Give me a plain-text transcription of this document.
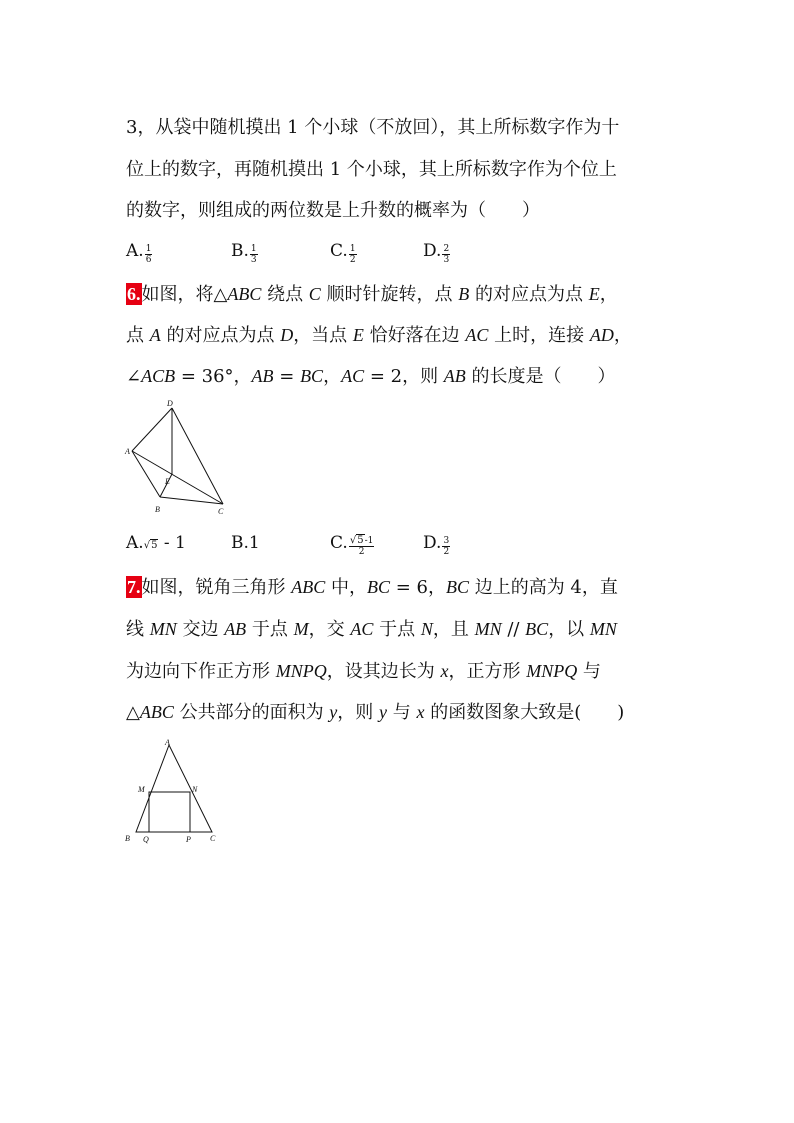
3，从袋中随机摸出 1 个小球（不放回），其上所标数字作为十
位上的数字，再随机摸出 1 个小球，其上所标数字作为个位上
的数字，则组成的两位数是上升数的概率为（　　）
A. $\frac{1}{6}$	B. $\frac{1}{3}$	C. $\frac{1}{2}$	D. $\frac{2}{3}$
6.如图，将△ABC 绕点 C 顺时针旋转，点 B 的对应点为点 E，
点 A 的对应点为点 D，当点 E 恰好落在边 AC 上时，连接 AD，
∠ACB = 36°，AB = BC，AC = 2，则 AB 的长度是（　　）
D
A
E
B	C
A.√5 - 1	B.1	C. $\frac{√5-1}{2}$	D. $\frac{3}{2}$
7.如图，锐角三角形 ABC 中，BC = 6，BC 边上的高为 4，直
线 MN 交边 AB 于点 M，交 AC 于点 N，且 MN // BC，以 MN
为边向下作正方形 MNPQ，设其边长为 x，正方形 MNPQ 与
△ABC 公共部分的面积为 y，则 y 与 x 的函数图象大致是(　　)
A
M	N
B Q	P C
